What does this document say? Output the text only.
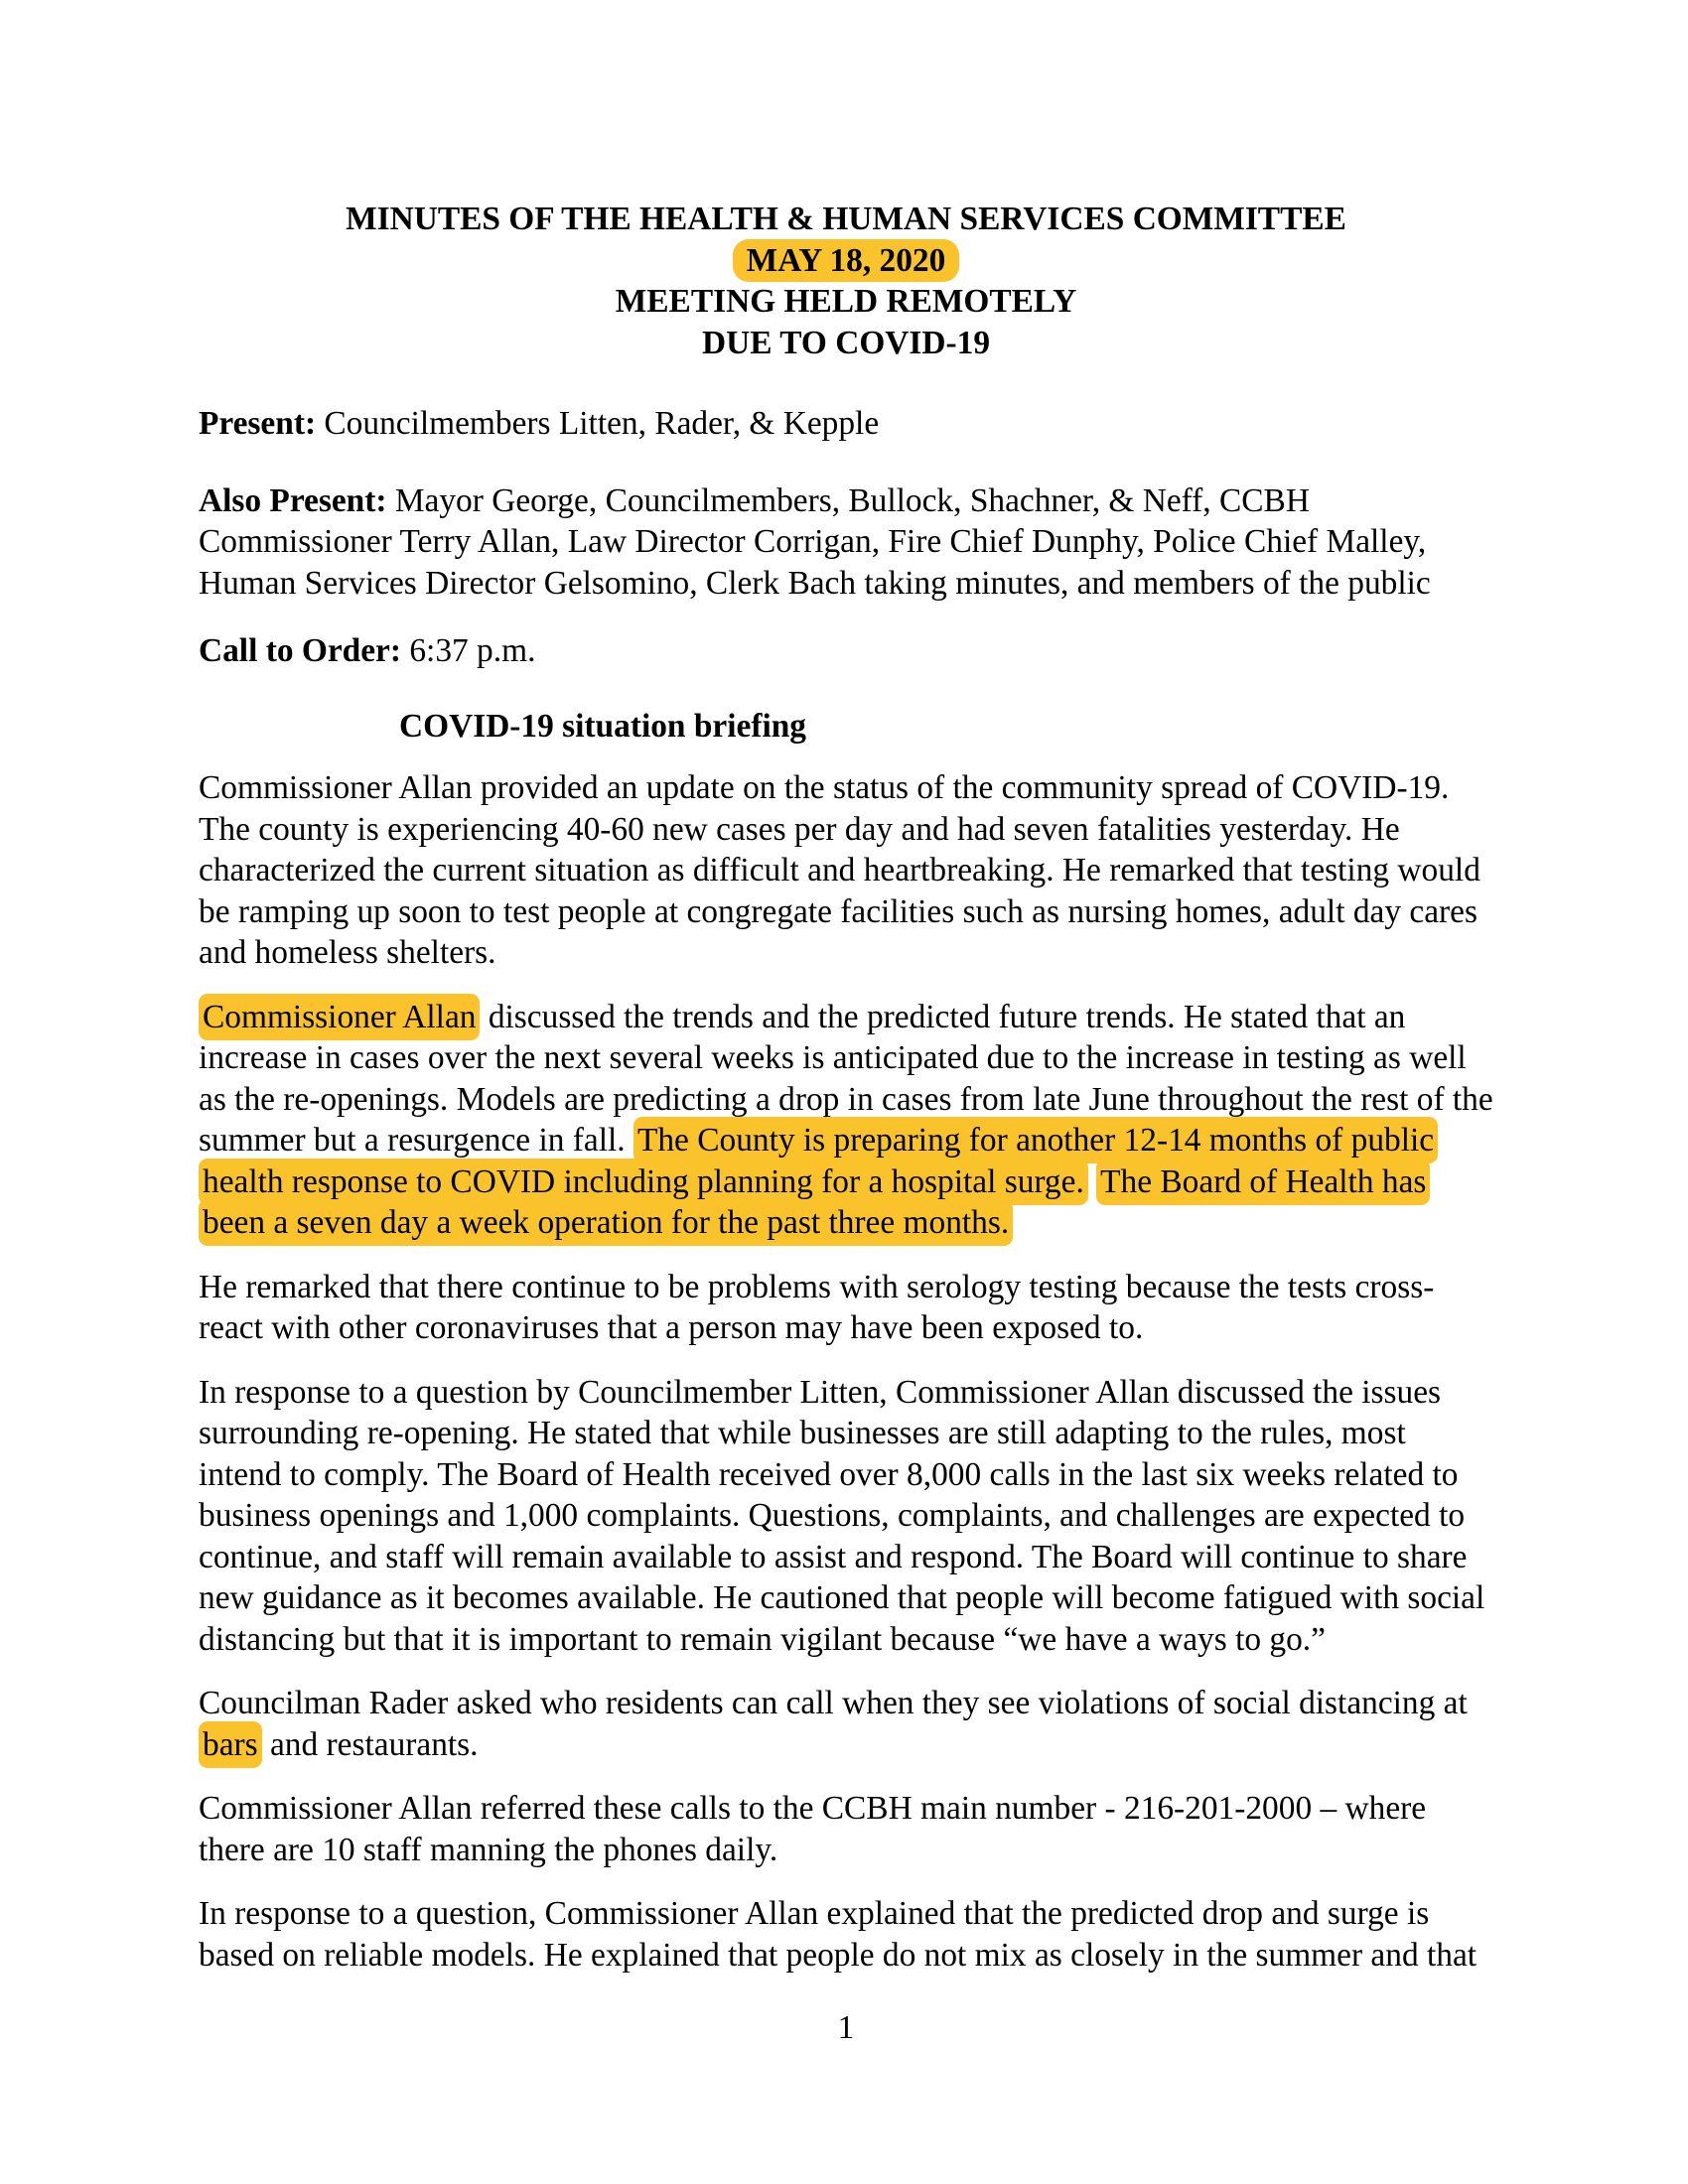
MINUTES OF THE HEALTH & HUMAN SERVICES COMMITTEE
MAY 18, 2020
MEETING HELD REMOTELY
DUE TO COVID-19
Present: Councilmembers Litten, Rader, & Kepple
Also Present: Mayor George, Councilmembers, Bullock, Shachner, & Neff, CCBH Commissioner Terry Allan, Law Director Corrigan, Fire Chief Dunphy, Police Chief Malley, Human Services Director Gelsomino, Clerk Bach taking minutes, and members of the public
Call to Order: 6:37 p.m.
COVID-19 situation briefing

Commissioner Allan provided an update on the status of the community spread of COVID-19. The county is experiencing 40-60 new cases per day and had seven fatalities yesterday. He characterized the current situation as difficult and heartbreaking. He remarked that testing would be ramping up soon to test people at congregate facilities such as nursing homes, adult day cares and homeless shelters.

Commissioner Allan discussed the trends and the predicted future trends. He stated that an increase in cases over the next several weeks is anticipated due to the increase in testing as well as the re-openings. Models are predicting a drop in cases from late June throughout the rest of the summer but a resurgence in fall. The County is preparing for another 12-14 months of public health response to COVID including planning for a hospital surge. The Board of Health has been a seven day a week operation for the past three months.

He remarked that there continue to be problems with serology testing because the tests cross-react with other coronaviruses that a person may have been exposed to.

In response to a question by Councilmember Litten, Commissioner Allan discussed the issues surrounding re-opening. He stated that while businesses are still adapting to the rules, most intend to comply. The Board of Health received over 8,000 calls in the last six weeks related to business openings and 1,000 complaints. Questions, complaints, and challenges are expected to continue, and staff will remain available to assist and respond. The Board will continue to share new guidance as it becomes available. He cautioned that people will become fatigued with social distancing but that it is important to remain vigilant because “we have a ways to go.”

Councilman Rader asked who residents can call when they see violations of social distancing at bars and restaurants.

Commissioner Allan referred these calls to the CCBH main number - 216-201-2000 – where there are 10 staff manning the phones daily.

In response to a question, Commissioner Allan explained that the predicted drop and surge is based on reliable models. He explained that people do not mix as closely in the summer and that

1
